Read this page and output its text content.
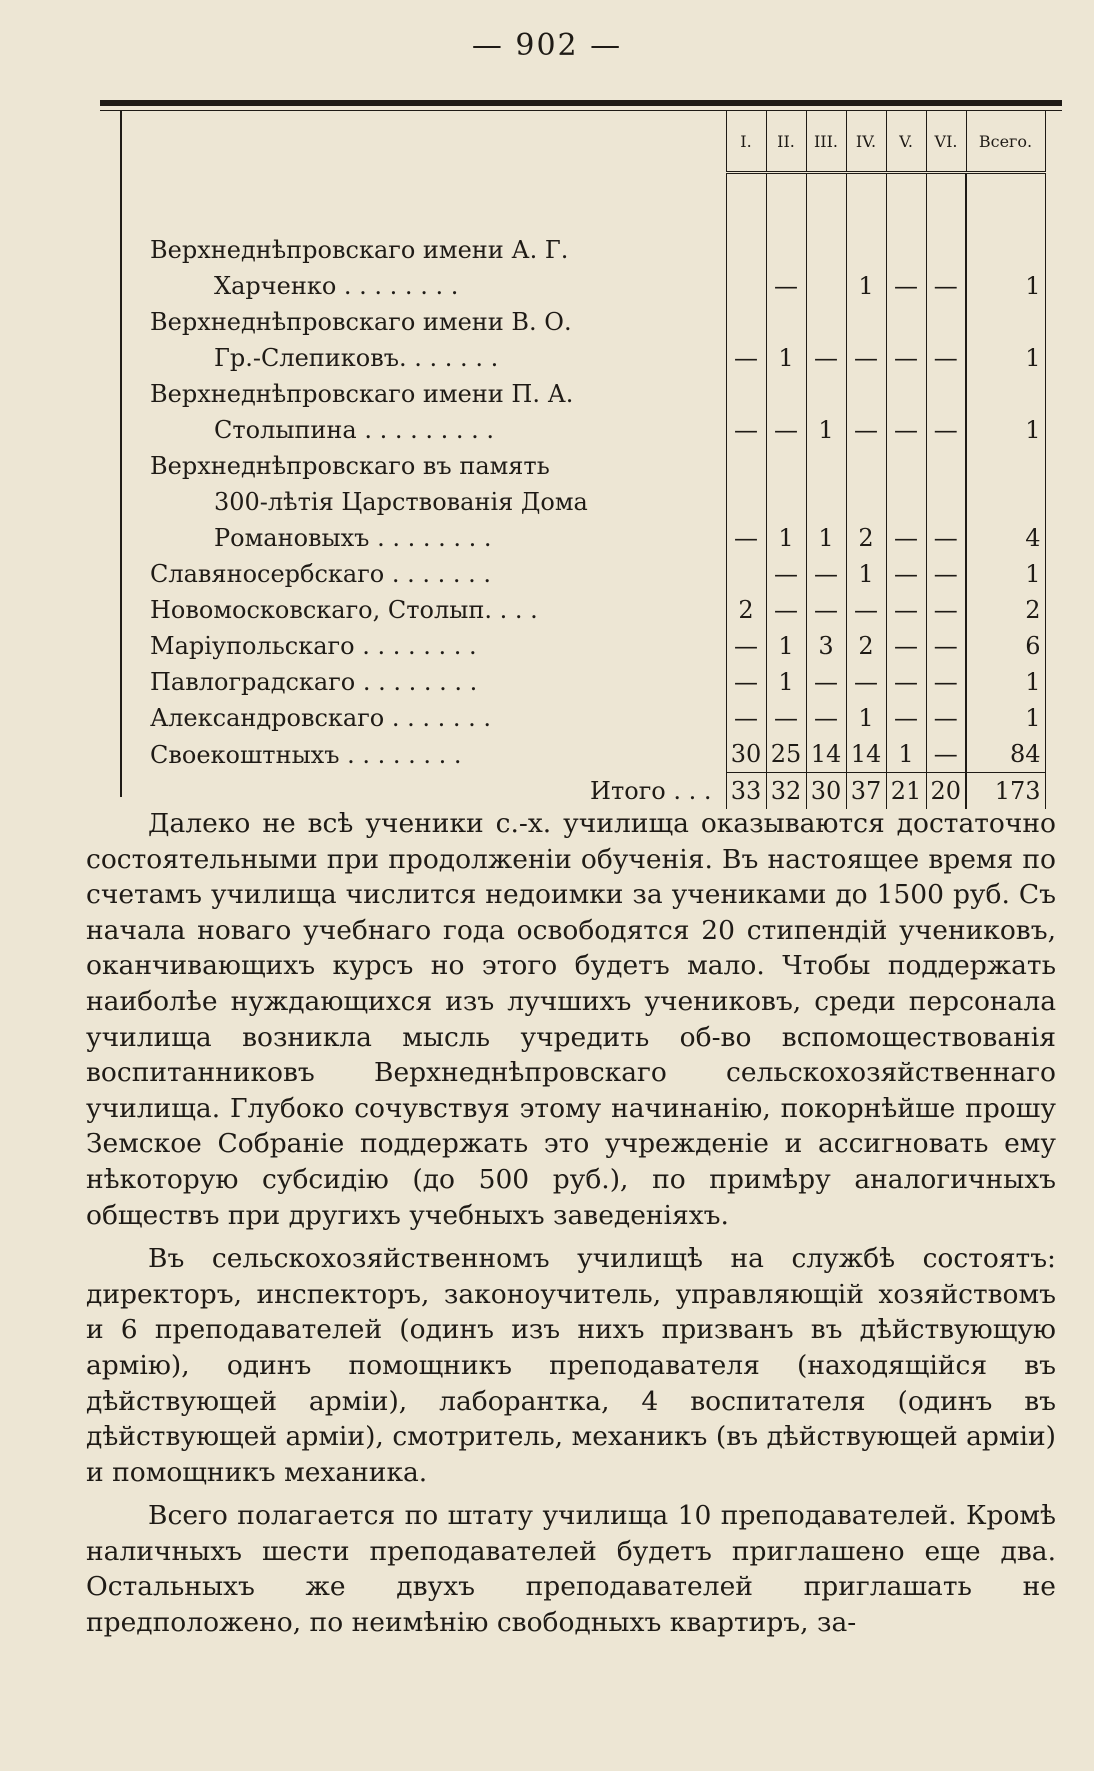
— 902 —
	I.	II.	III.	IV.	V.	VI.	Всего.

Верхнеднѣпровскаго имени А. Г.							
Харченко . . . . . . . .		—		1	—	—	1
Верхнеднѣпровскаго имени В. О.							
Гр.-Слепиковъ. . . . . . .	—	1	—	—	—	—	1
Верхнеднѣпровскаго имени П. А.							
Столыпина . . . . . . . . .	—	—	1	—	—	—	1
Верхнеднѣпровскаго въ память							
300-лѣтія Царствованія Дома							
Романовыхъ . . . . . . . .	—	1	1	2	—	—	4
Славяносербскаго . . . . . . .		—	—	1	—	—	1
Новомосковскаго, Столып. . . .	2	—	—	—	—	—	2
Маріупольскаго . . . . . . . .	—	1	3	2	—	—	6
Павлоградскаго . . . . . . . .	—	1	—	—	—	—	1
Александровскаго . . . . . . .	—	—	—	1	—	—	1
Своекоштныхъ . . . . . . . .	30	25	14	14	1	—	84
Итого . . .	33	32	30	37	21	20	173

Далеко не всѣ ученики с.-х. училища оказываются достаточно состоятельными при продолженіи обученія. Въ настоящее время по счетамъ училища числится недоимки за учениками до 1500 руб. Съ начала новаго учебнаго года освободятся 20 стипендій учениковъ, оканчивающихъ курсъ но этого будетъ мало. Чтобы поддержать наиболѣе нуждающихся изъ лучшихъ учениковъ, среди персонала училища возникла мысль учредить об-во вспомоществованія воспитанниковъ Верхнеднѣпровскаго сельскохозяйственнаго училища. Глубоко сочувствуя этому начинанію, покорнѣйше прошу Земское Собраніе поддержать это учрежденіе и ассигновать ему нѣкоторую субсидію (до 500 руб.), по примѣру аналогичныхъ обществъ при другихъ учебныхъ заведеніяхъ.

Въ сельскохозяйственномъ училищѣ на службѣ состоятъ: директоръ, инспекторъ, законоучитель, управляющій хозяйствомъ и 6 преподавателей (одинъ изъ нихъ призванъ въ дѣйствующую армію), одинъ помощникъ преподавателя (находящійся въ дѣйствующей арміи), лаборантка, 4 воспитателя (одинъ въ дѣйствующей арміи), смотритель, механикъ (въ дѣйствующей арміи) и помощникъ механика.

Всего полагается по штату училища 10 преподавателей. Кромѣ наличныхъ шести преподавателей будетъ приглашено еще два. Остальныхъ же двухъ преподавателей приглашать не предположено, по неимѣнію свободныхъ квартиръ, за-
